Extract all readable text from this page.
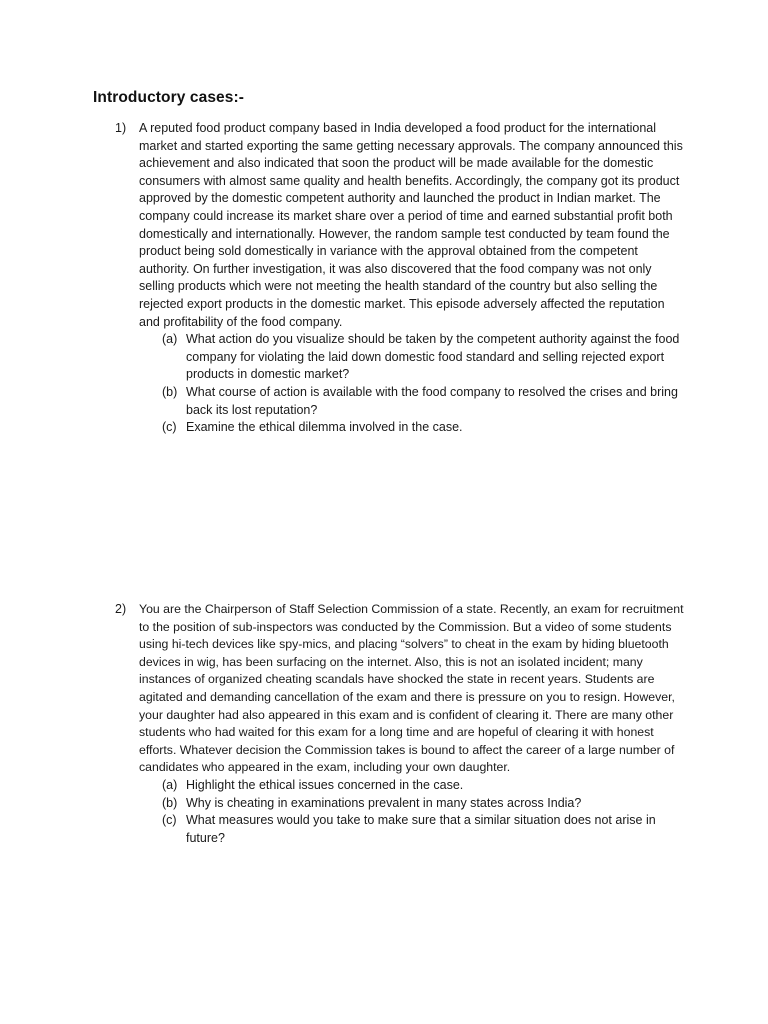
Introductory cases:-
1) A reputed food product company based in India developed a food product for the international market and started exporting the same getting necessary approvals. The company announced this achievement and also indicated that soon the product will be made available for the domestic consumers with almost same quality and health benefits. Accordingly, the company got its product approved by the domestic competent authority and launched the product in Indian market. The company could increase its market share over a period of time and earned substantial profit both domestically and internationally. However, the random sample test conducted by team found the product being sold domestically in variance with the approval obtained from the competent authority. On further investigation, it was also discovered that the food company was not only selling products which were not meeting the health standard of the country but also selling the rejected export products in the domestic market. This episode adversely affected the reputation and profitability of the food company.

(a) What action do you visualize should be taken by the competent authority against the food company for violating the laid down domestic food standard and selling rejected export products in domestic market?
(b) What course of action is available with the food company to resolved the crises and bring back its lost reputation?
(c) Examine the ethical dilemma involved in the case.
2) You are the Chairperson of Staff Selection Commission of a state. Recently, an exam for recruitment to the position of sub-inspectors was conducted by the Commission. But a video of some students using hi-tech devices like spy-mics, and placing “solvers” to cheat in the exam by hiding bluetooth devices in wig, has been surfacing on the internet. Also, this is not an isolated incident; many instances of organized cheating scandals have shocked the state in recent years. Students are agitated and demanding cancellation of the exam and there is pressure on you to resign. However, your daughter had also appeared in this exam and is confident of clearing it. There are many other students who had waited for this exam for a long time and are hopeful of clearing it with honest efforts. Whatever decision the Commission takes is bound to affect the career of a large number of candidates who appeared in the exam, including your own daughter.

(a) Highlight the ethical issues concerned in the case.
(b) Why is cheating in examinations prevalent in many states across India?
(c) What measures would you take to make sure that a similar situation does not arise in future?
